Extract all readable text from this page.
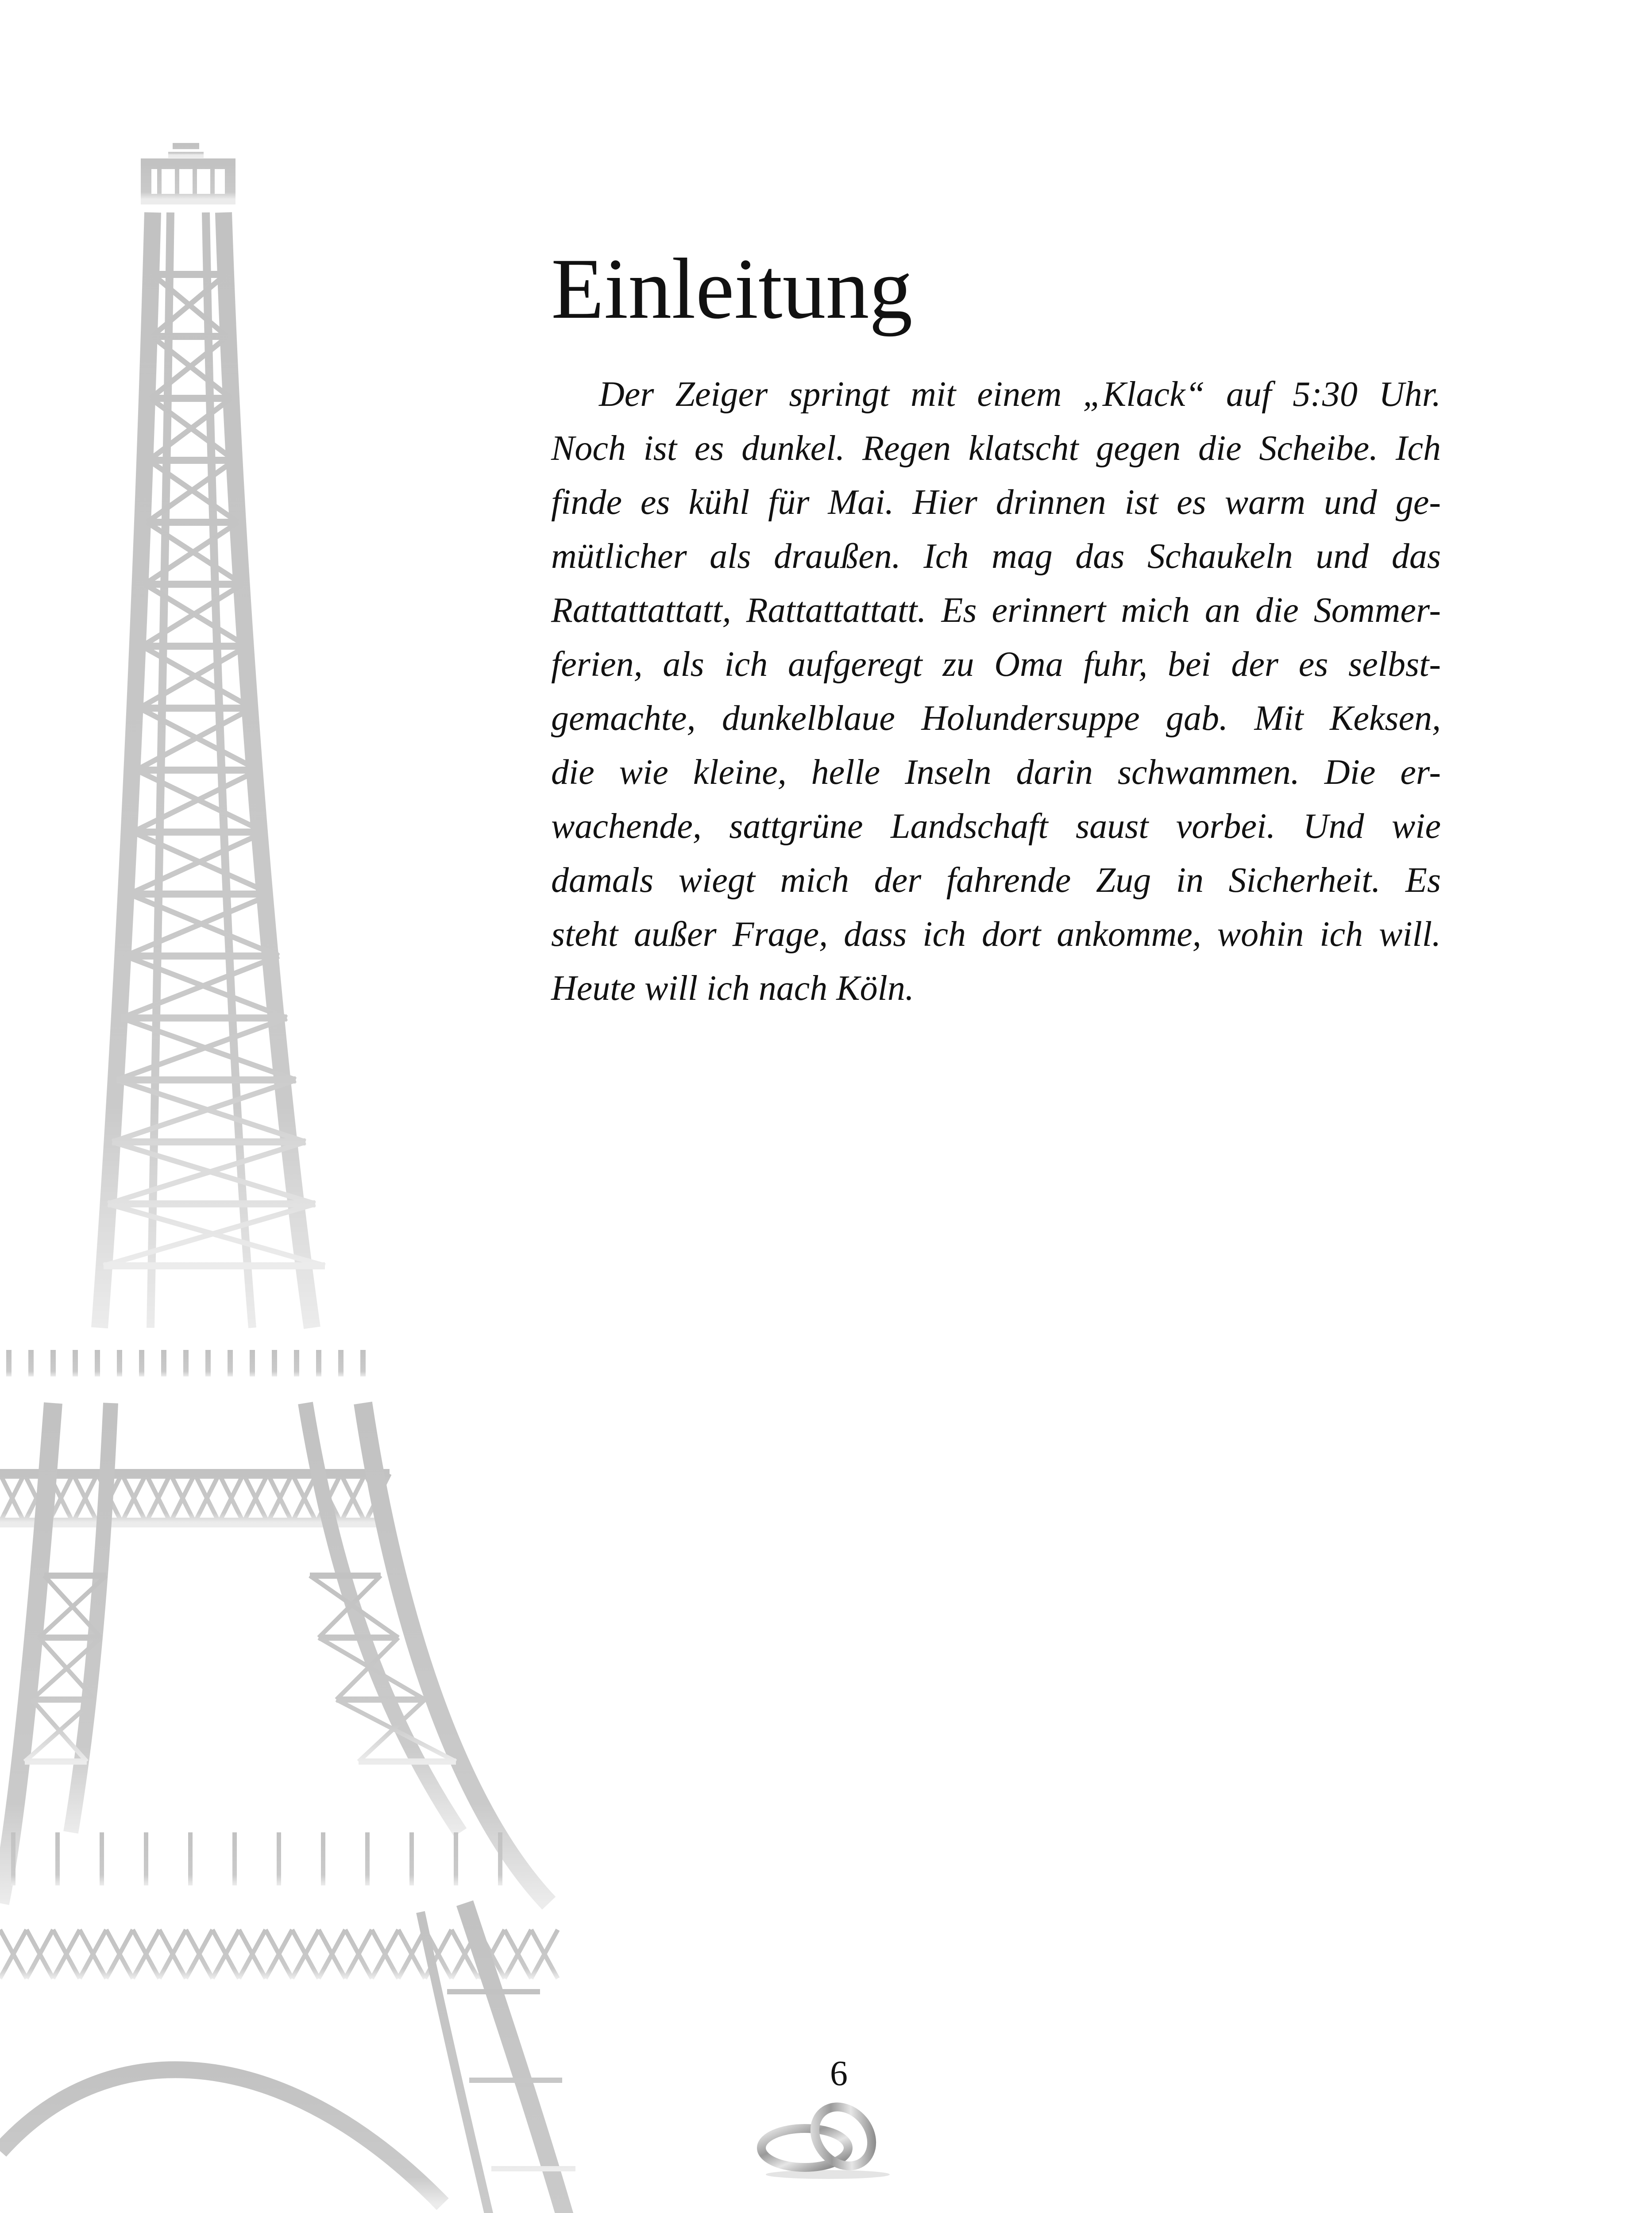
Einleitung
Der Zeiger springt mit einem „Klack“ auf 5:30 Uhr.
Noch ist es dunkel. Regen klatscht gegen die Scheibe. Ich
finde es kühl für Mai. Hier drinnen ist es warm und ge-
mütlicher als draußen. Ich mag das Schaukeln und das
Rattattattatt, Rattattattatt. Es erinnert mich an die Sommer-
ferien, als ich aufgeregt zu Oma fuhr, bei der es selbst-
gemachte, dunkelblaue Holundersuppe gab. Mit Keksen,
die wie kleine, helle Inseln darin schwammen. Die er-
wachende, sattgrüne Landschaft saust vorbei. Und wie
damals wiegt mich der fahrende Zug in Sicherheit. Es
steht außer Frage, dass ich dort ankomme, wohin ich will.
Heute will ich nach Köln.
6
